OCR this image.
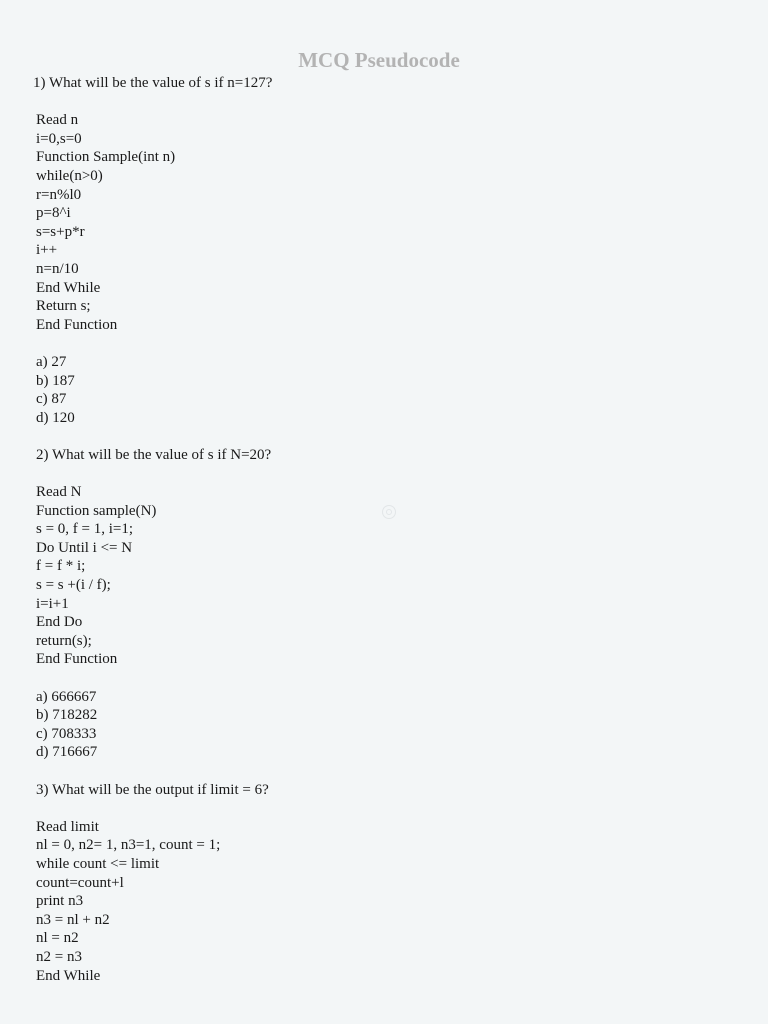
MCQ Pseudocode
1) What will be the value of s if n=127?
Read n
i=0,s=0
Function Sample(int n)
while(n>0)
r=n%l0
p=8^i
s=s+p*r
i++
n=n/10
End While
Return s;
End Function
a) 27
b) 187
c) 87
d) 120
2) What will be the value of s if N=20?
Read N
Function sample(N)
s = 0, f = 1, i=1;
Do Until i <= N
f = f * i;
s = s +(i / f);
i=i+1
End Do
return(s);
End Function
a) 666667
b) 718282
c) 708333
d) 716667
3) What will be the output if limit = 6?
Read limit
nl = 0, n2= 1, n3=1, count = 1;
while count <= limit
count=count+l
print n3
n3 = nl + n2
nl = n2
n2 = n3
End While
